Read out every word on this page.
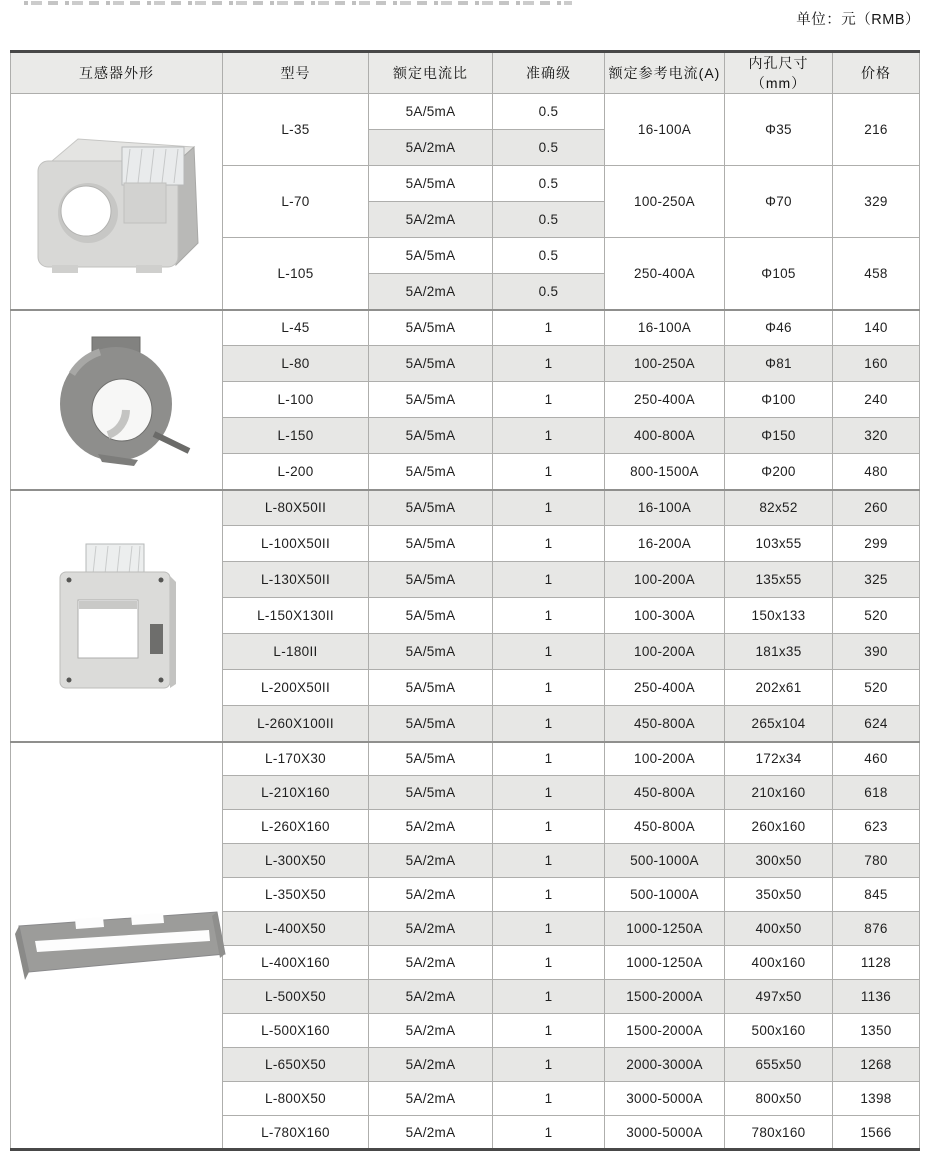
单位：元（RMB）
互感器外形	型号	额定电流比	准确级	额定参考电流(A)	内孔尺寸（mm）	价格

	L-35	5A/5mA	0.5	16-100A	Φ35	216
		5A/2mA	0.5			
	L-70	5A/5mA	0.5	100-250A	Φ70	329
		5A/2mA	0.5			
	L-105	5A/5mA	0.5	250-400A	Φ105	458
		5A/2mA	0.5			

	L-45	5A/5mA	1	16-100A	Φ46	140
	L-80	5A/5mA	1	100-250A	Φ81	160
	L-100	5A/5mA	1	250-400A	Φ100	240
	L-150	5A/5mA	1	400-800A	Φ150	320
	L-200	5A/5mA	1	800-1500A	Φ200	480

	L-80X50II	5A/5mA	1	16-100A	82x52	260
	L-100X50II	5A/5mA	1	16-200A	103x55	299
	L-130X50II	5A/5mA	1	100-200A	135x55	325
	L-150X130II	5A/5mA	1	100-300A	150x133	520
	L-180II	5A/5mA	1	100-200A	181x35	390
	L-200X50II	5A/5mA	1	250-400A	202x61	520
	L-260X100II	5A/5mA	1	450-800A	265x104	624

	L-170X30	5A/5mA	1	100-200A	172x34	460
	L-210X160	5A/5mA	1	450-800A	210x160	618
	L-260X160	5A/2mA	1	450-800A	260x160	623
	L-300X50	5A/2mA	1	500-1000A	300x50	780
	L-350X50	5A/2mA	1	500-1000A	350x50	845
	L-400X50	5A/2mA	1	1000-1250A	400x50	876
	L-400X160	5A/2mA	1	1000-1250A	400x160	1128
	L-500X50	5A/2mA	1	1500-2000A	497x50	1136
	L-500X160	5A/2mA	1	1500-2000A	500x160	1350
	L-650X50	5A/2mA	1	2000-3000A	655x50	1268
	L-800X50	5A/2mA	1	3000-5000A	800x50	1398
	L-780X160	5A/2mA	1	3000-5000A	780x160	1566
